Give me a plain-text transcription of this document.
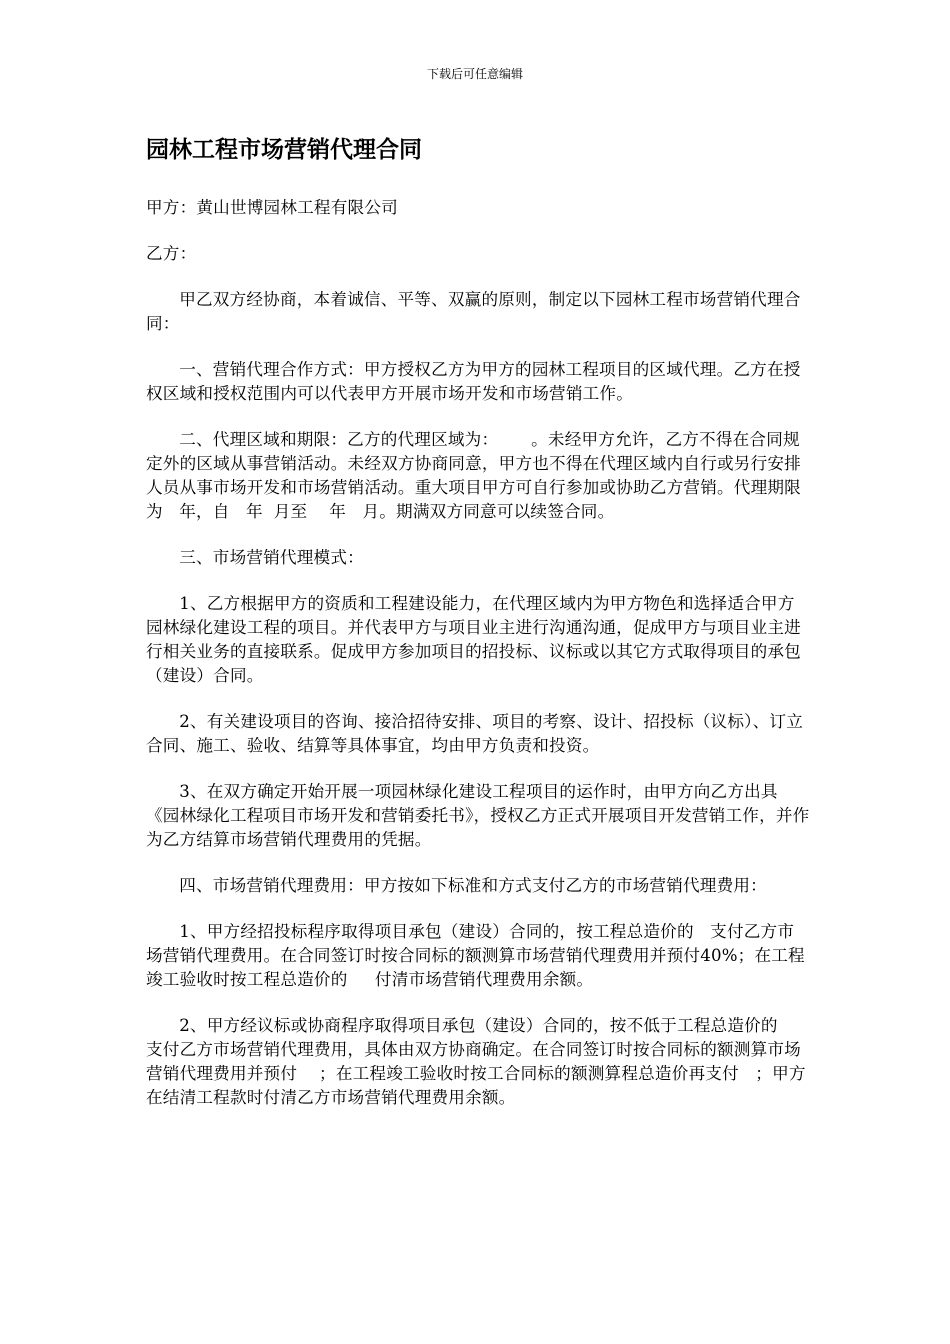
下载后可任意编辑
园林工程市场营销代理合同

甲方：黄山世博园林工程有限公司

乙方：

甲乙双方经协商，本着诚信、平等、双赢的原则，制定以下园林工程市场营销代理合同：

一、营销代理合作方式：甲方授权乙方为甲方的园林工程项目的区域代理。乙方在授权区域和授权范围内可以代表甲方开展市场开发和市场营销工作。

二、代理区域和期限：乙方的代理区域为：      。未经甲方允许，乙方不得在合同规定外的区域从事营销活动。未经双方协商同意，甲方也不得在代理区域内自行或另行安排人员从事市场开发和市场营销活动。重大项目甲方可自行参加或协助乙方营销。代理期限为   年，自   年  月至    年   月。期满双方同意可以续签合同。

三、市场营销代理模式：

1、乙方根据甲方的资质和工程建设能力，在代理区域内为甲方物色和选择适合甲方园林绿化建设工程的项目。并代表甲方与项目业主进行沟通沟通，促成甲方与项目业主进行相关业务的直接联系。促成甲方参加项目的招投标、议标或以其它方式取得项目的承包（建设）合同。

2、有关建设项目的咨询、接洽招待安排、项目的考察、设计、招投标（议标）、订立合同、施工、验收、结算等具体事宜，均由甲方负责和投资。

3、在双方确定开始开展一项园林绿化建设工程项目的运作时，由甲方向乙方出具《园林绿化工程项目市场开发和营销委托书》，授权乙方正式开展项目开发营销工作，并作为乙方结算市场营销代理费用的凭据。

四、市场营销代理费用：甲方按如下标准和方式支付乙方的市场营销代理费用：

1、甲方经招投标程序取得项目承包（建设）合同的，按工程总造价的   支付乙方市场营销代理费用。在合同签订时按合同标的额测算市场营销代理费用并预付40%；在工程竣工验收时按工程总造价的     付清市场营销代理费用余额。

2、甲方经议标或协商程序取得项目承包（建设）合同的，按不低于工程总造价的   支付乙方市场营销代理费用，具体由双方协商确定。在合同签订时按合同标的额测算市场营销代理费用并预付    ；在工程竣工验收时按工合同标的额测算程总造价再支付   ；甲方在结清工程款时付清乙方市场营销代理费用余额。
